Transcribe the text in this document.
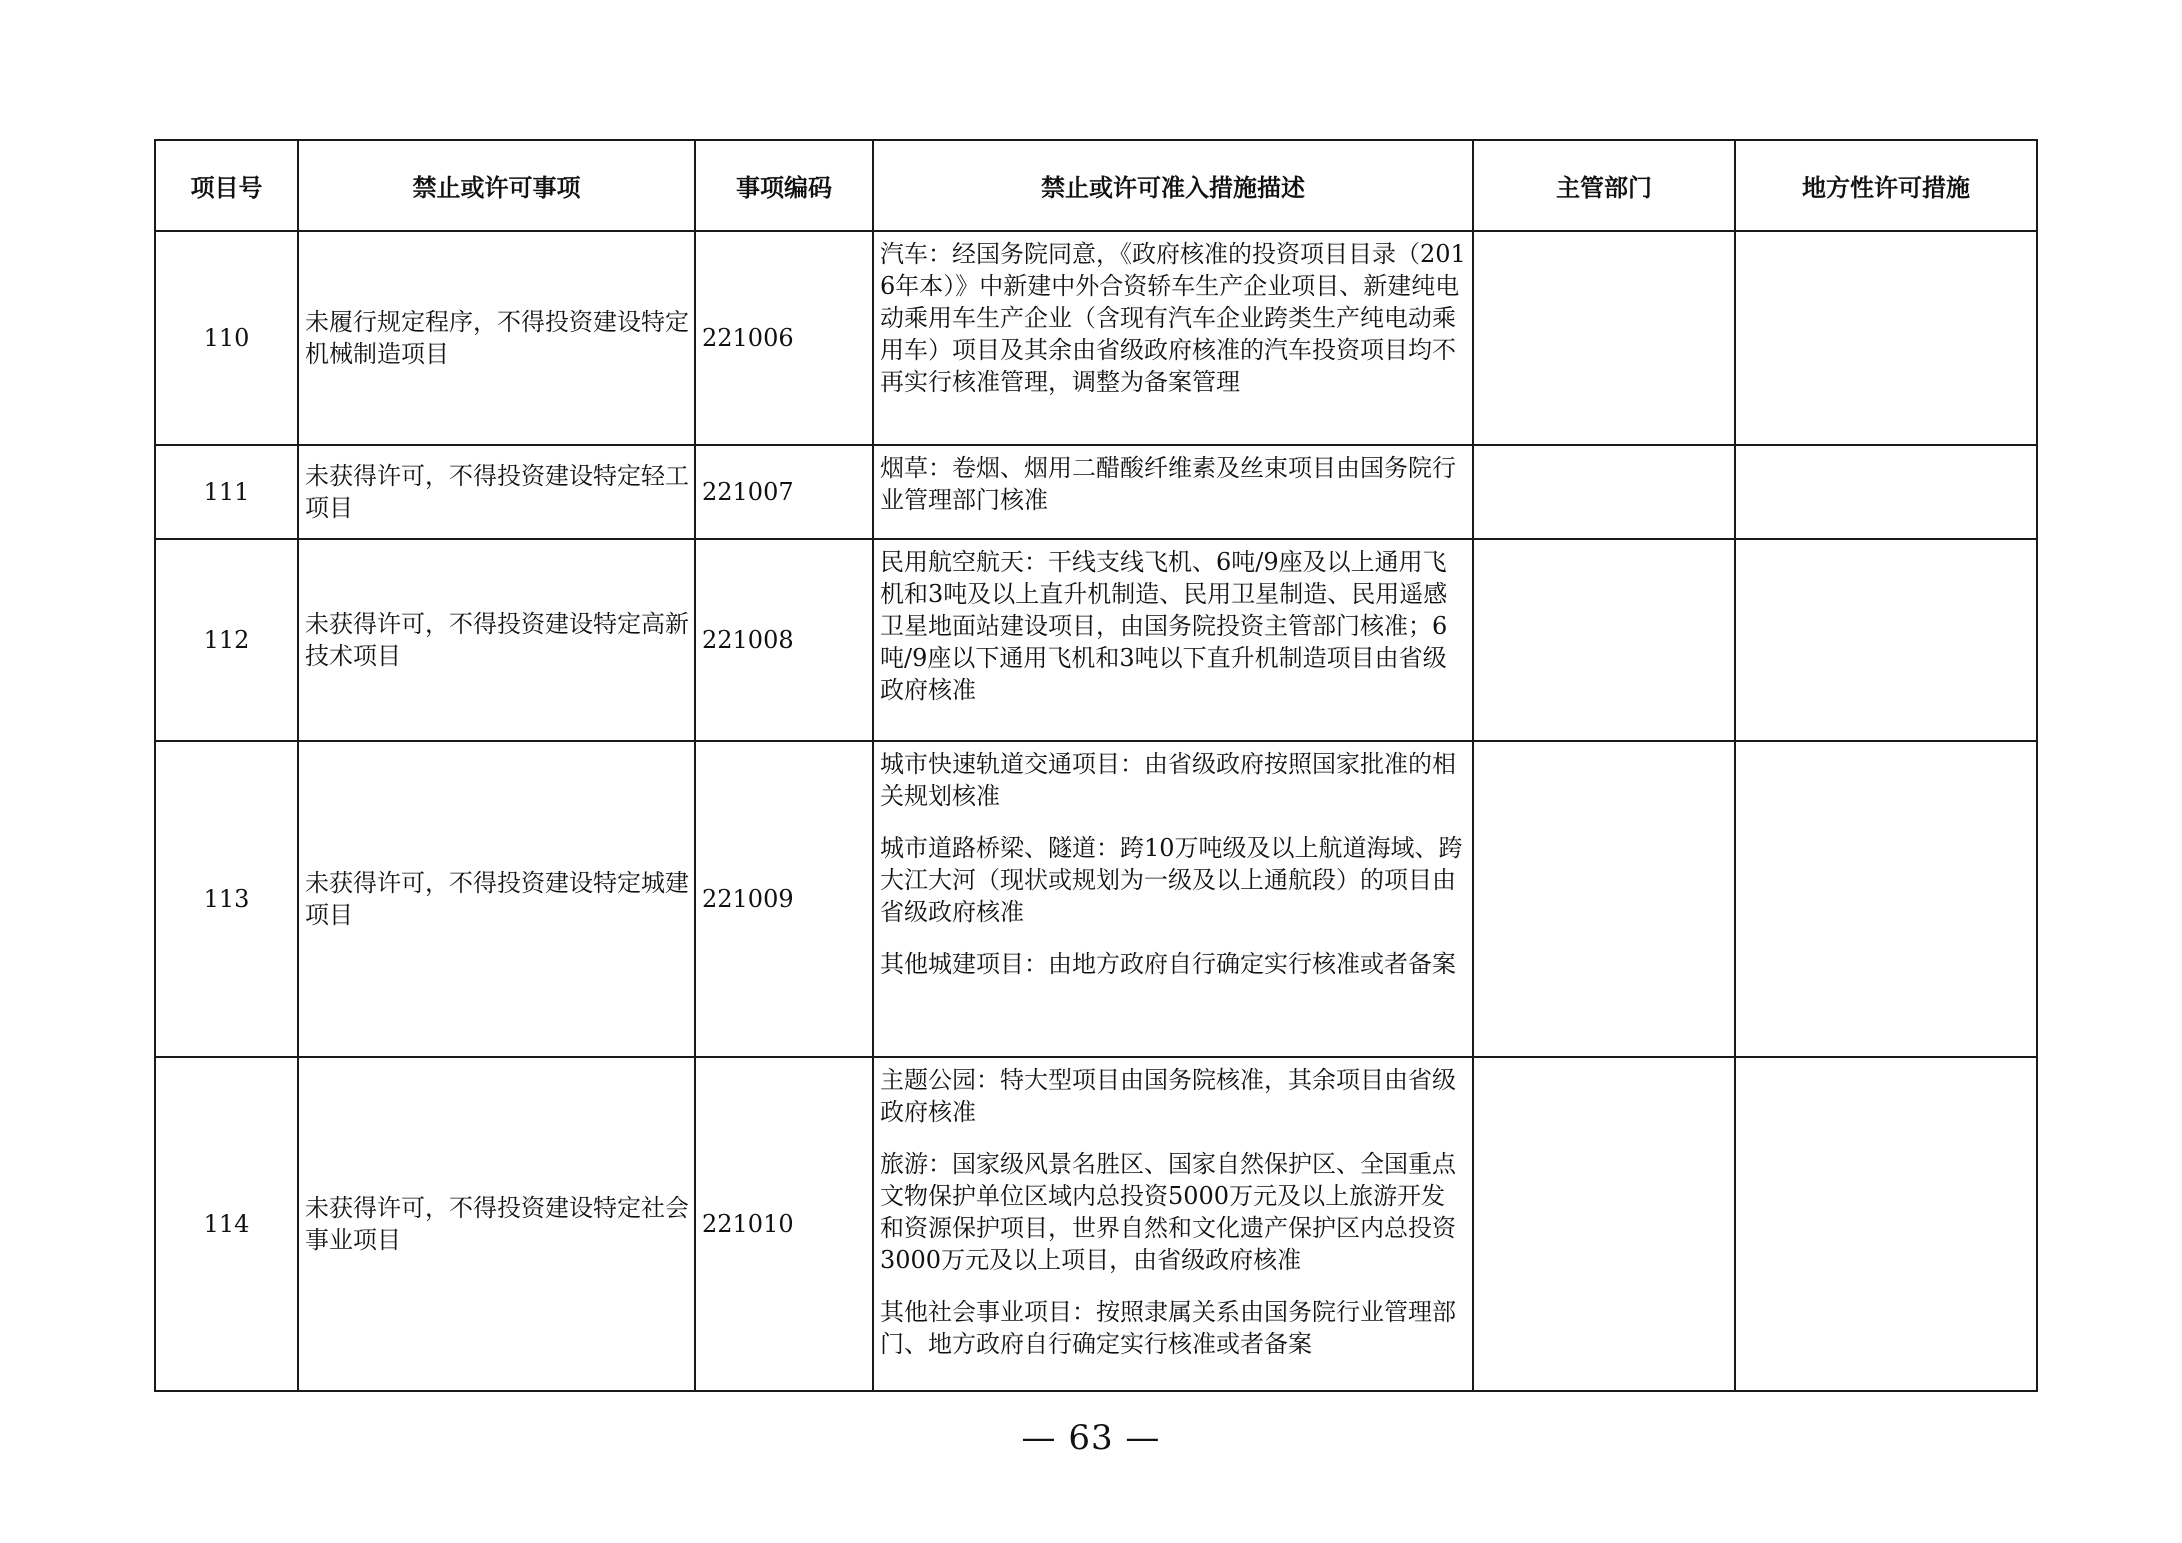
项目号	禁止或许可事项	事项编码	禁止或许可准入措施描述	主管部门	地方性许可措施
110	未履行规定程序，不得投资建设特定机械制造项目	221006	汽车：经国务院同意，《政府核准的投资项目目录（2016年本）》中新建中外合资轿车生产企业项目、新建纯电动乘用车生产企业（含现有汽车企业跨类生产纯电动乘用车）项目及其余由省级政府核准的汽车投资项目均不再实行核准管理，调整为备案管理		

111	未获得许可，不得投资建设特定轻工项目	221007	烟草：卷烟、烟用二醋酸纤维素及丝束项目由国务院行业管理部门核准		

112	未获得许可，不得投资建设特定高新技术项目	221008	民用航空航天：干线支线飞机、6吨/9座及以上通用飞机和3吨及以上直升机制造、民用卫星制造、民用遥感卫星地面站建设项目，由国务院投资主管部门核准；6吨/9座以下通用飞机和3吨以下直升机制造项目由省级政府核准		

113	未获得许可，不得投资建设特定城建项目	221009	城市快速轨道交通项目：由省级政府按照国家批准的相关规划核准

城市道路桥梁、隧道：跨10万吨级及以上航道海域、跨大江大河（现状或规划为一级及以上通航段）的项目由省级政府核准

其他城建项目：由地方政府自行确定实行核准或者备案		

114	未获得许可，不得投资建设特定社会事业项目	221010	主题公园：特大型项目由国务院核准，其余项目由省级政府核准

旅游：国家级风景名胜区、国家自然保护区、全国重点文物保护单位区域内总投资5000万元及以上旅游开发和资源保护项目，世界自然和文化遗产保护区内总投资3000万元及以上项目，由省级政府核准

其他社会事业项目：按照隶属关系由国务院行业管理部门、地方政府自行确定实行核准或者备案		

— 63 —
